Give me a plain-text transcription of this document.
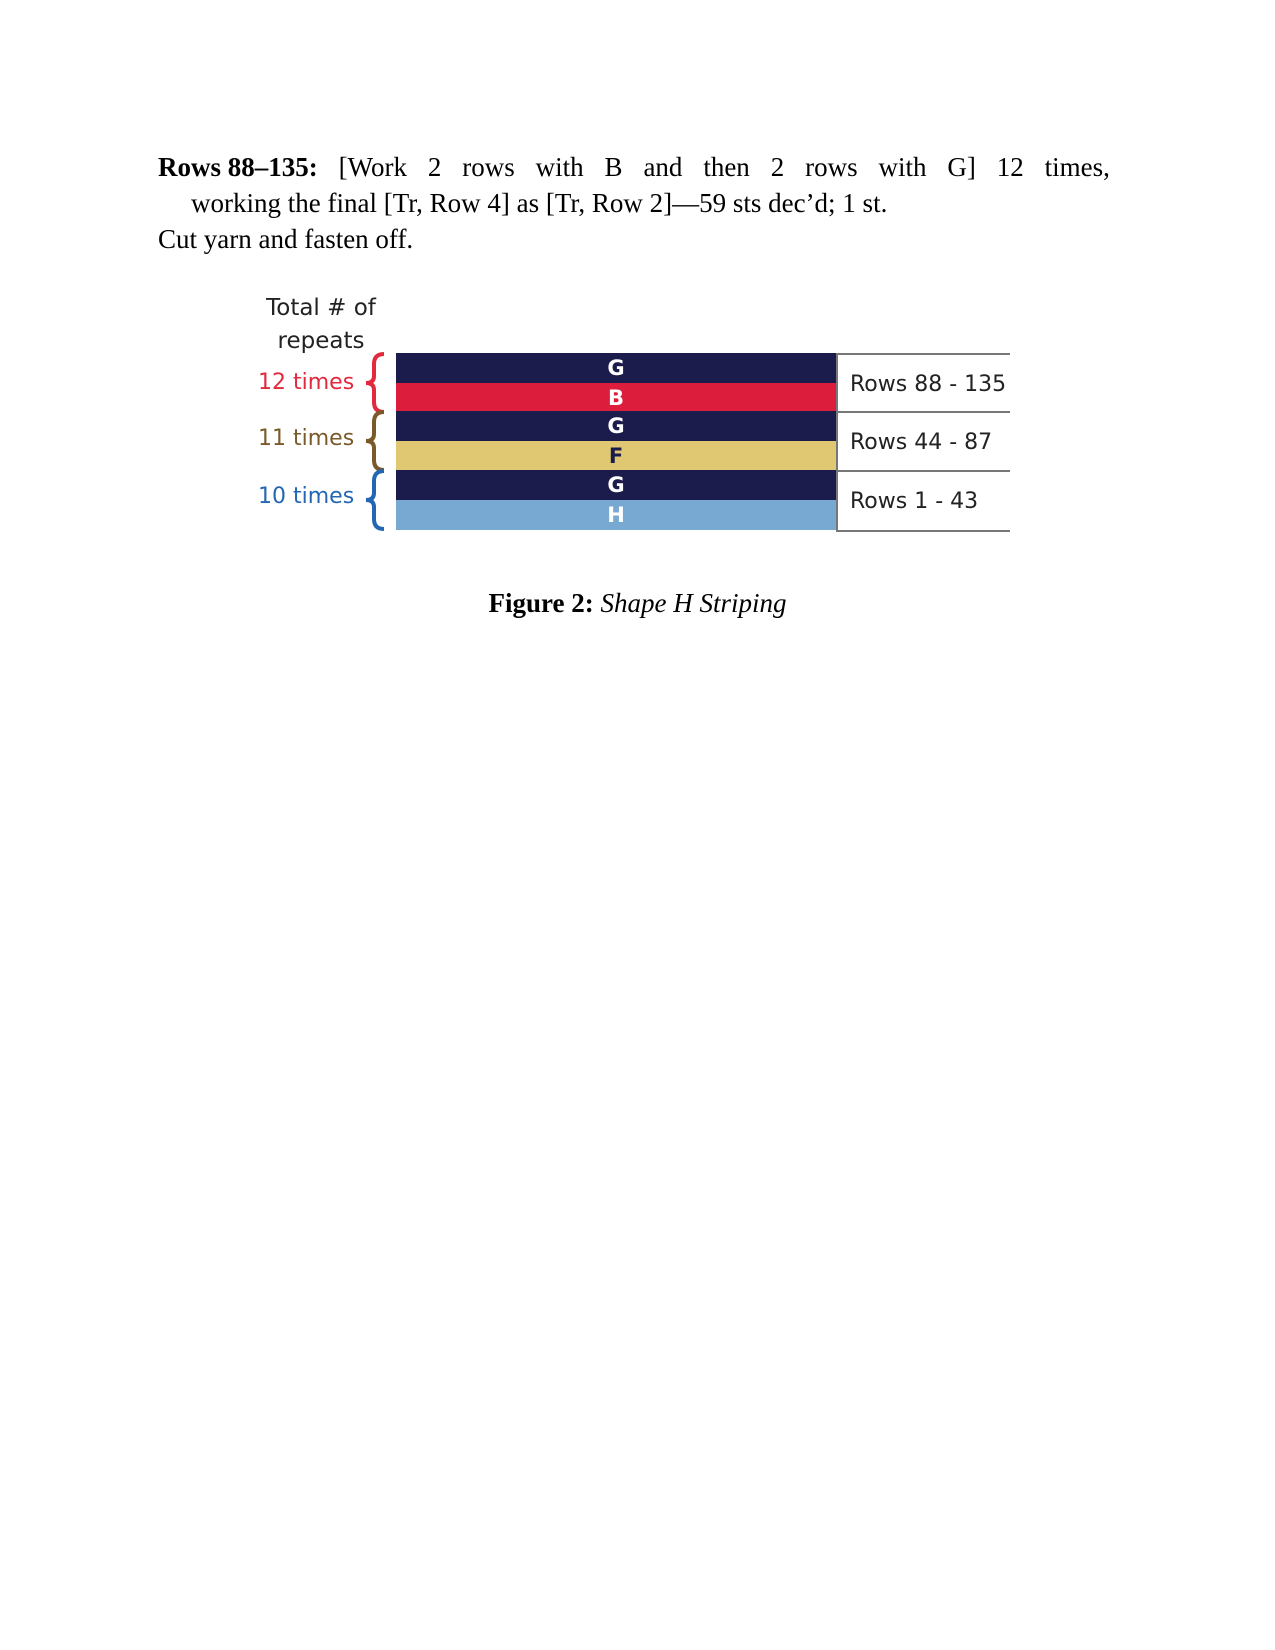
Rows 88–135: [Work 2 rows with B and then 2 rows with G] 12 times,
working the final [Tr, Row 4] as [Tr, Row 2]—59 sts dec’d; 1 st.
Cut yarn and fasten off.
Total # of
repeats
12 times
G
B
Rows 88 - 135
11 times	G
F
Rows 44 - 87
10 times	G
H
Rows 1 - 43
Figure 2: Shape H Striping
